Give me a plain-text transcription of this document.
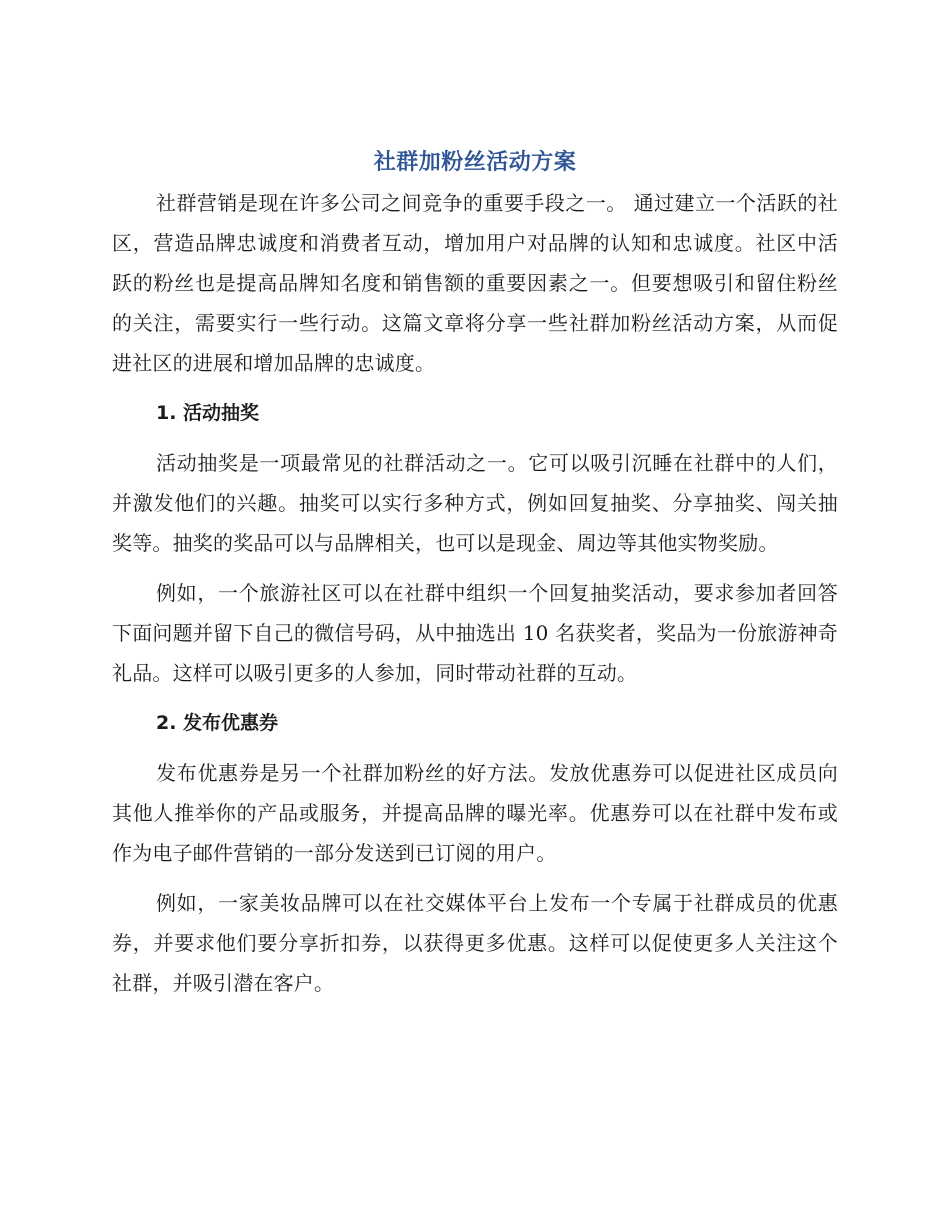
社群加粉丝活动方案

社群营销是现在许多公司之间竞争的重要手段之一。 通过建立一个活跃的社区，营造品牌忠诚度和消费者互动，增加用户对品牌的认知和忠诚度。社区中活跃的粉丝也是提高品牌知名度和销售额的重要因素之一。但要想吸引和留住粉丝的关注，需要实行一些行动。这篇文章将分享一些社群加粉丝活动方案，从而促进社区的进展和增加品牌的忠诚度。

1. 活动抽奖

活动抽奖是一项最常见的社群活动之一。它可以吸引沉睡在社群中的人们，并激发他们的兴趣。抽奖可以实行多种方式，例如回复抽奖、分享抽奖、闯关抽奖等。抽奖的奖品可以与品牌相关，也可以是现金、周边等其他实物奖励。

例如，一个旅游社区可以在社群中组织一个回复抽奖活动，要求参加者回答下面问题并留下自己的微信号码，从中抽选出 10 名获奖者，奖品为一份旅游神奇礼品。这样可以吸引更多的人参加，同时带动社群的互动。

2. 发布优惠券

发布优惠券是另一个社群加粉丝的好方法。发放优惠券可以促进社区成员向其他人推举你的产品或服务，并提高品牌的曝光率。优惠券可以在社群中发布或作为电子邮件营销的一部分发送到已订阅的用户。

例如，一家美妆品牌可以在社交媒体平台上发布一个专属于社群成员的优惠券，并要求他们要分享折扣券，以获得更多优惠。这样可以促使更多人关注这个社群，并吸引潜在客户。
